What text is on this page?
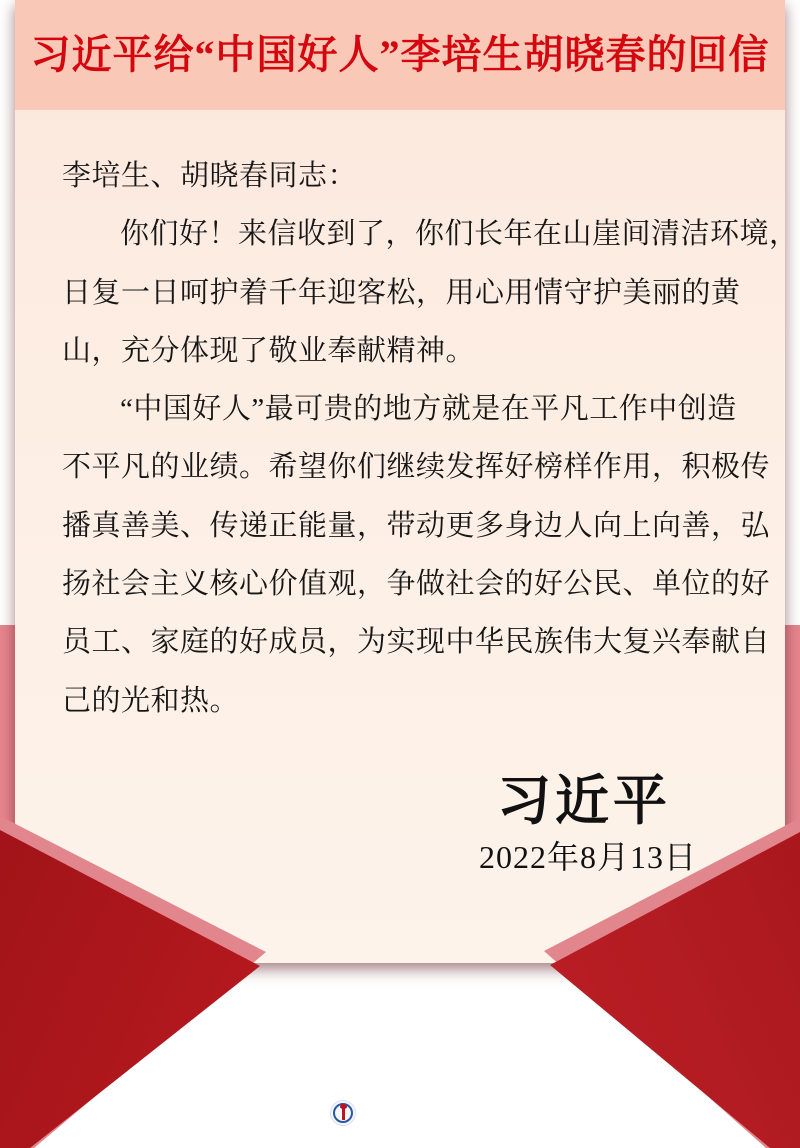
习近平给“中国好人”李培生胡晓春的回信
李培生、胡晓春同志：
你们好！来信收到了，你们长年在山崖间清洁环境，
日复一日呵护着千年迎客松，用心用情守护美丽的黄
山，充分体现了敬业奉献精神。
“中国好人”最可贵的地方就是在平凡工作中创造
不平凡的业绩。希望你们继续发挥好榜样作用，积极传
播真善美、传递正能量，带动更多身边人向上向善，弘
扬社会主义核心价值观，争做社会的好公民、单位的好
员工、家庭的好成员，为实现中华民族伟大复兴奉献自
己的光和热。
习近平
2022年8月13日
新华社发
